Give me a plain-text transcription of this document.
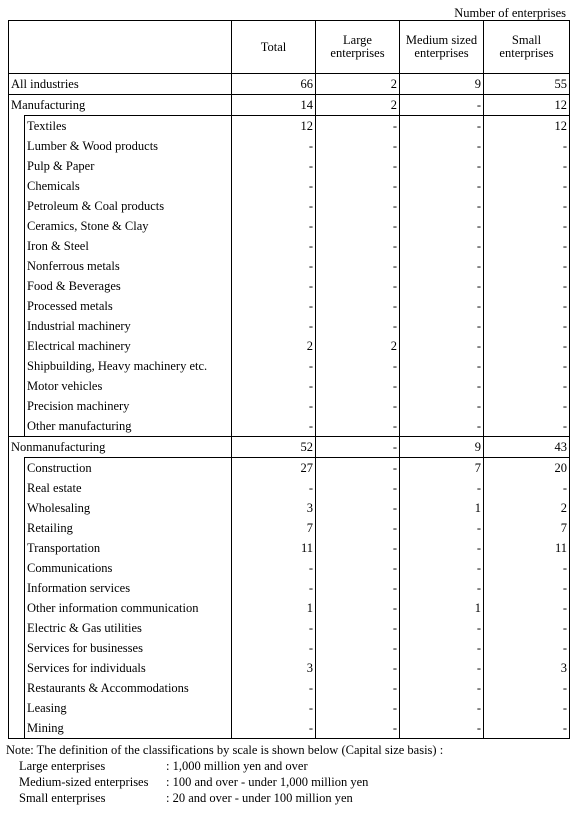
Number of enterprises
		Total	Large enterprises	Medium sized enterprises	Small enterprises
All industries		66	2	9	55
Manufacturing		14	2	-	12
	Textiles	12	-	-	12
	Lumber & Wood products	-	-	-	-
	Pulp & Paper	-	-	-	-
	Chemicals	-	-	-	-
	Petroleum & Coal products	-	-	-	-
	Ceramics, Stone & Clay	-	-	-	-
	Iron & Steel	-	-	-	-
	Nonferrous metals	-	-	-	-
	Food & Beverages	-	-	-	-
	Processed metals	-	-	-	-
	Industrial machinery	-	-	-	-
	Electrical machinery	2	2	-	-
	Shipbuilding, Heavy machinery etc.	-	-	-	-
	Motor vehicles	-	-	-	-
	Precision machinery	-	-	-	-
	Other manufacturing	-	-	-	-
Nonmanufacturing		52	-	9	43
	Construction	27	-	7	20
	Real estate	-	-	-	-
	Wholesaling	3	-	1	2
	Retailing	7	-	-	7
	Transportation	11	-	-	11
	Communications	-	-	-	-
	Information services	-	-	-	-
	Other information communication	1	-	1	-
	Electric & Gas utilities	-	-	-	-
	Services for businesses	-	-	-	-
	Services for individuals	3	-	-	3
	Restaurants & Accommodations	-	-	-	-
	Leasing	-	-	-	-
	Mining	-	-	-	-
Note: The definition of the classifications by scale is shown below (Capital size basis) :
Large enterprises	: 1,000 million yen and over
Medium-sized enterprises : 100 and over - under 1,000 million yen
Small enterprises	: 20 and over - under 100 million yen
